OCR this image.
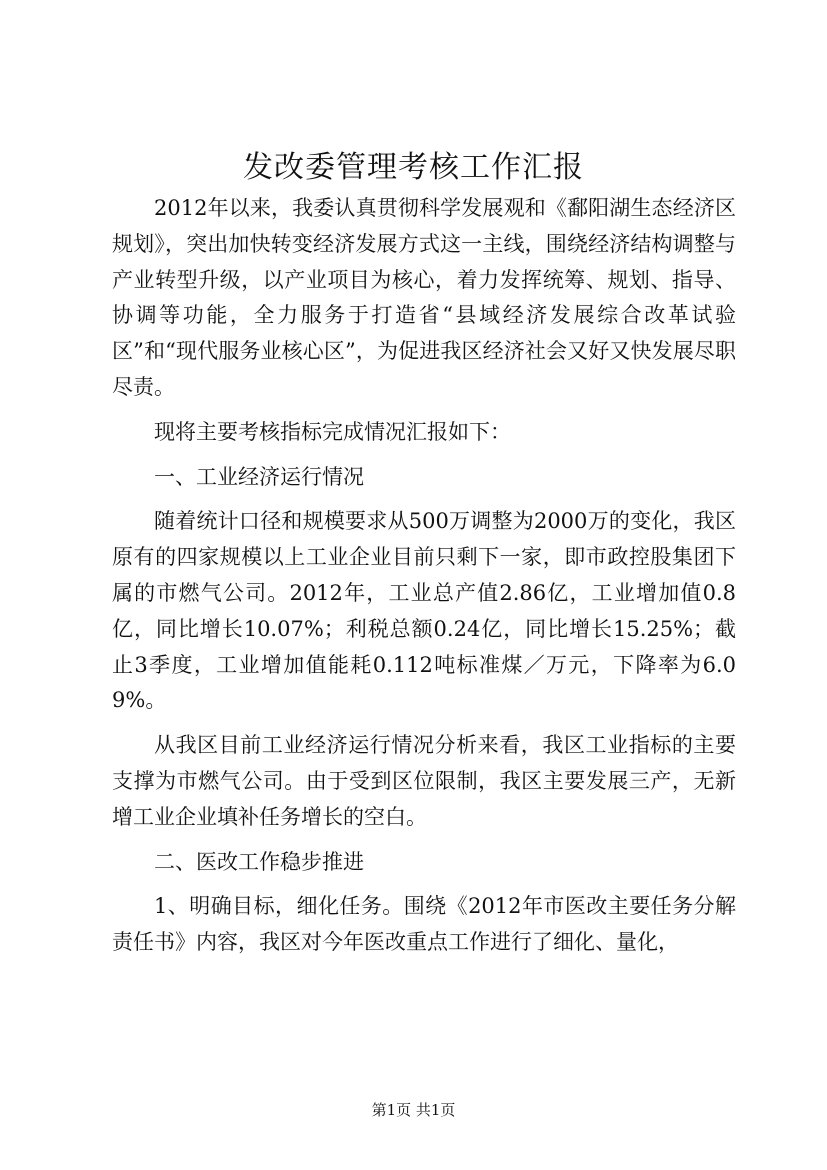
发改委管理考核工作汇报

2012年以来，我委认真贯彻科学发展观和《鄱阳湖生态经济区规划》，突出加快转变经济发展方式这一主线，围绕经济结构调整与产业转型升级，以产业项目为核心，着力发挥统筹、规划、指导、协调等功能，全力服务于打造省“县域经济发展综合改革试验区”和“现代服务业核心区”，为促进我区经济社会又好又快发展尽职尽责。

现将主要考核指标完成情况汇报如下：

一、工业经济运行情况

随着统计口径和规模要求从500万调整为2000万的变化，我区原有的四家规模以上工业企业目前只剩下一家，即市政控股集团下属的市燃气公司。2012年，工业总产值2.86亿，工业增加值0.8亿，同比增长10.07%；利税总额0.24亿，同比增长15.25%；截止3季度，工业增加值能耗0.112吨标准煤／万元，下降率为6.09%。

从我区目前工业经济运行情况分析来看，我区工业指标的主要支撑为市燃气公司。由于受到区位限制，我区主要发展三产，无新增工业企业填补任务增长的空白。

二、医改工作稳步推进

1、明确目标，细化任务。围绕《2012年市医改主要任务分解责任书》内容，我区对今年医改重点工作进行了细化、量化，

第1页 共1页
